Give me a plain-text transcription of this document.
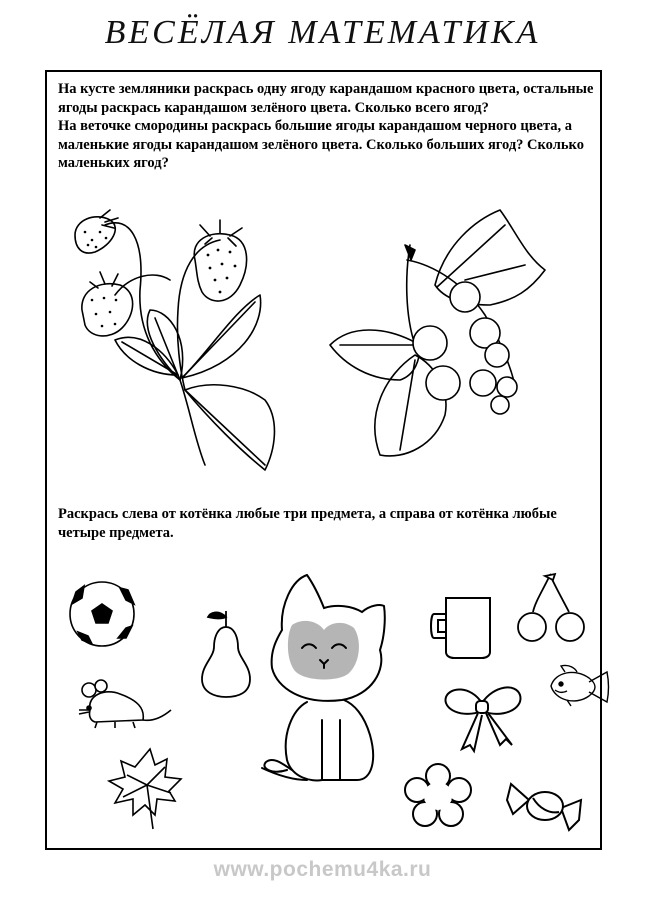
ВЕСЁЛАЯ МАТЕМАТИКА

На кусте земляники раскрась одну ягоду карандашом красного цвета, остальные ягоды раскрась карандашом зелёного цвета. Сколько всего ягод?

На веточке смородины раскрась большие ягоды карандашом черного цвета, а маленькие ягоды карандашом зелёного цвета. Сколько больших ягод? Сколько маленьких ягод?

Раскрась слева от котёнка любые три предмета, а справа от котёнка любые четыре предмета.
www.pochemu4ka.ru
